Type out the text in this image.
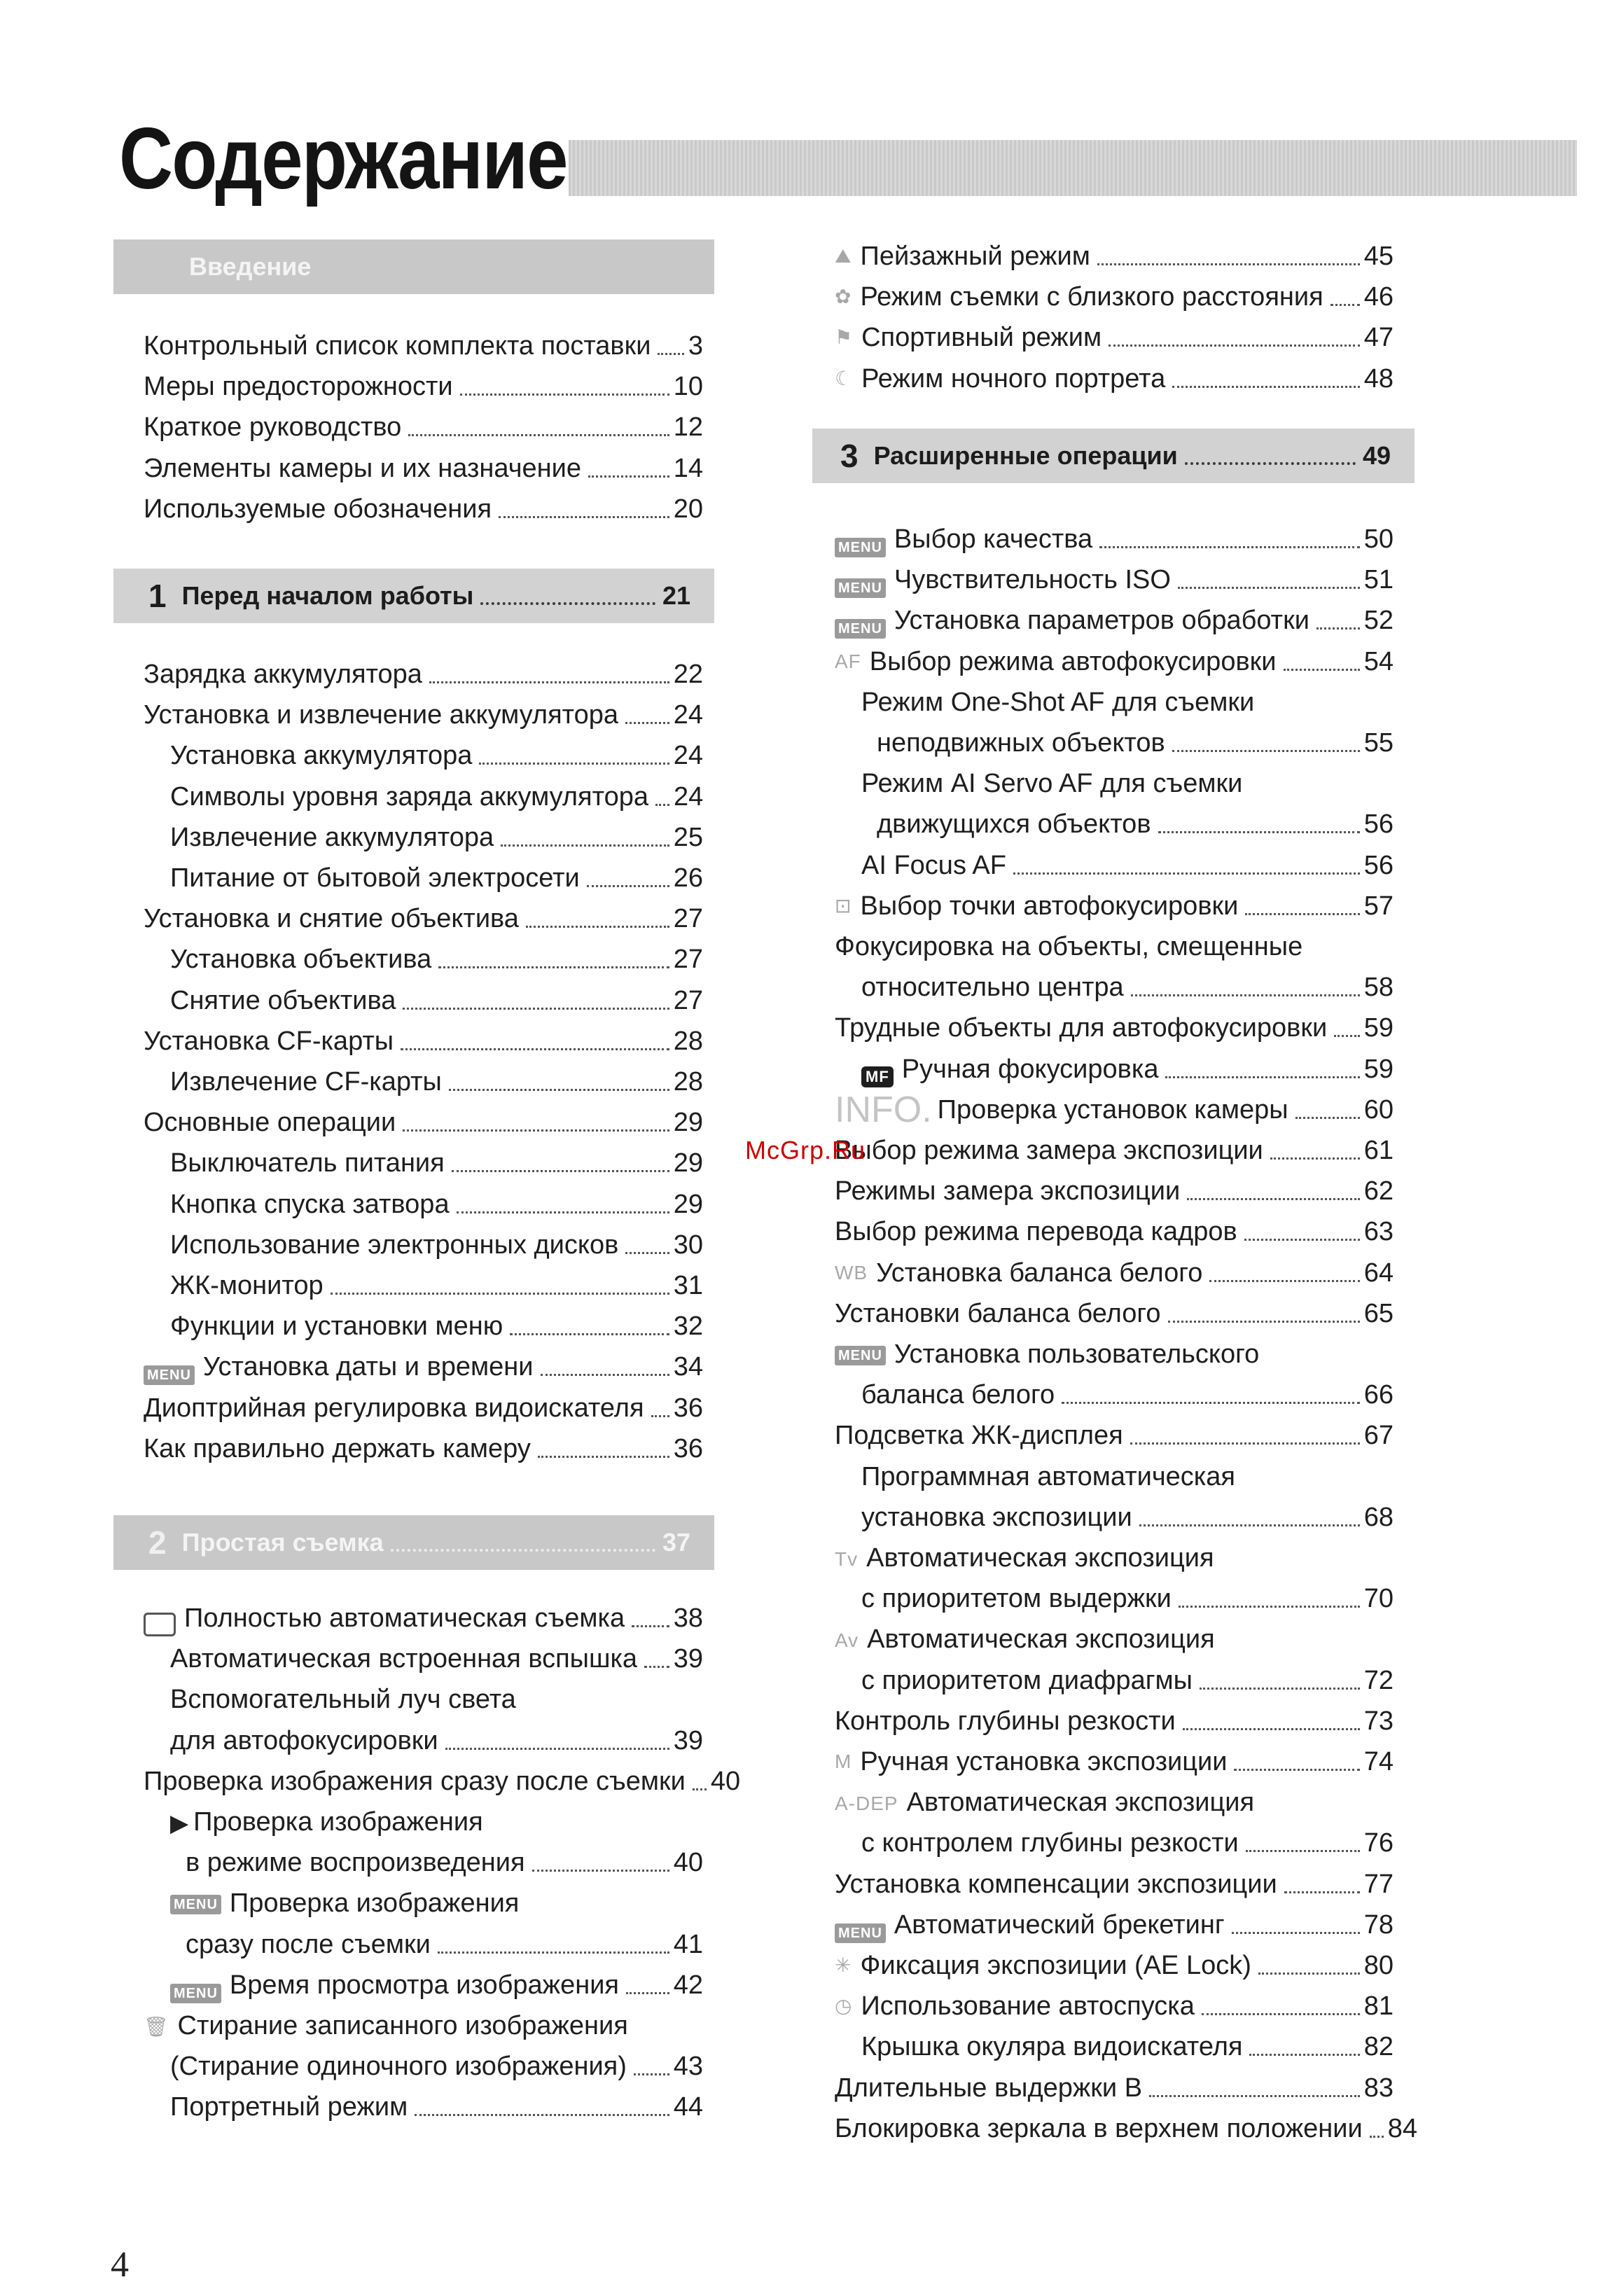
Содержание
Введение
1 Перед началом работы	21
2 Простая съемка	37
3 Расширенные операции	49
Контрольный список комплекта поставки 3
Меры предосторожности	10
Краткое руководство	12
Элементы камеры и их назначение	14
Используемые обозначения	20
Зарядка аккумулятора	22
Установка и извлечение аккумулятора 24
Установка аккумулятора	24
Символы уровня заряда аккумулятора 24
Извлечение аккумулятора	25
Питание от бытовой электросети	26
Установка и снятие объектива	27
Установка объектива	27
Снятие объектива	27
Установка CF-карты	28
Извлечение CF-карты	28
Основные операции	29
Выключатель питания	29
Кнопка спуска затвора	29
Использование электронных дисков 30
ЖК-монитор	31
Функции и установки меню	32
MENU Установка даты и времени	34
Диоптрийная регулировка видоискателя 36
Как правильно держать камеру	36
Полностью автоматическая съемка 38
Автоматическая встроенная вспышка 39
Вспомогательный луч света
для автофокусировки	39
Проверка изображения сразу после съемки 40
▶ Проверка изображения
в режиме воспроизведения	40
MENU Проверка изображения
сразу после съемки	41
MENU Время просмотра изображения 42
🗑 Стирание записанного изображения
(Стирание одиночного изображения) 43
Портретный режим	44
⛰ Пейзажный режим	45
✿ Режим съемки с близкого расстояния 46
⚑ Спортивный режим	47
☾ Режим ночного портрета	48
MENU Выбор качества	50
MENU Чувствительность ISO	51
MENU Установка параметров обработки 52
AF Выбор режима автофокусировки	54
Режим One-Shot AF для съемки
неподвижных объектов	55
Режим AI Servo AF для съемки
движущихся объектов	56
AI Focus AF	56
⊡ Выбор точки автофокусировки	57
Фокусировка на объекты, смещенные
относительно центра	58
Трудные объекты для автофокусировки 59
MF Ручная фокусировка	59
INFO. Проверка установок камеры	60
Выбор режима замера экспозиции	61
Режимы замера экспозиции	62
Выбор режима перевода кадров	63
WB Установка баланса белого	64
Установки баланса белого	65
MENU Установка пользовательского
баланса белого	66
Подсветка ЖК-дисплея	67
Программная автоматическая
установка экспозиции	68
Tv Автоматическая экспозиция
с приоритетом выдержки	70
Av Автоматическая экспозиция
с приоритетом диафрагмы	72
Контроль глубины резкости	73
M Ручная установка экспозиции	74
A-DEP Автоматическая экспозиция
с контролем глубины резкости	76
Установка компенсации экспозиции	77
MENU Автоматический брекетинг	78
✳ Фиксация экспозиции (AE Lock)	80
◷ Использование автоспуска	81
Крышка окуляра видоискателя	82
Длительные выдержки B	83
Блокировка зеркала в верхнем положении 84
McGrp.Ru
4
